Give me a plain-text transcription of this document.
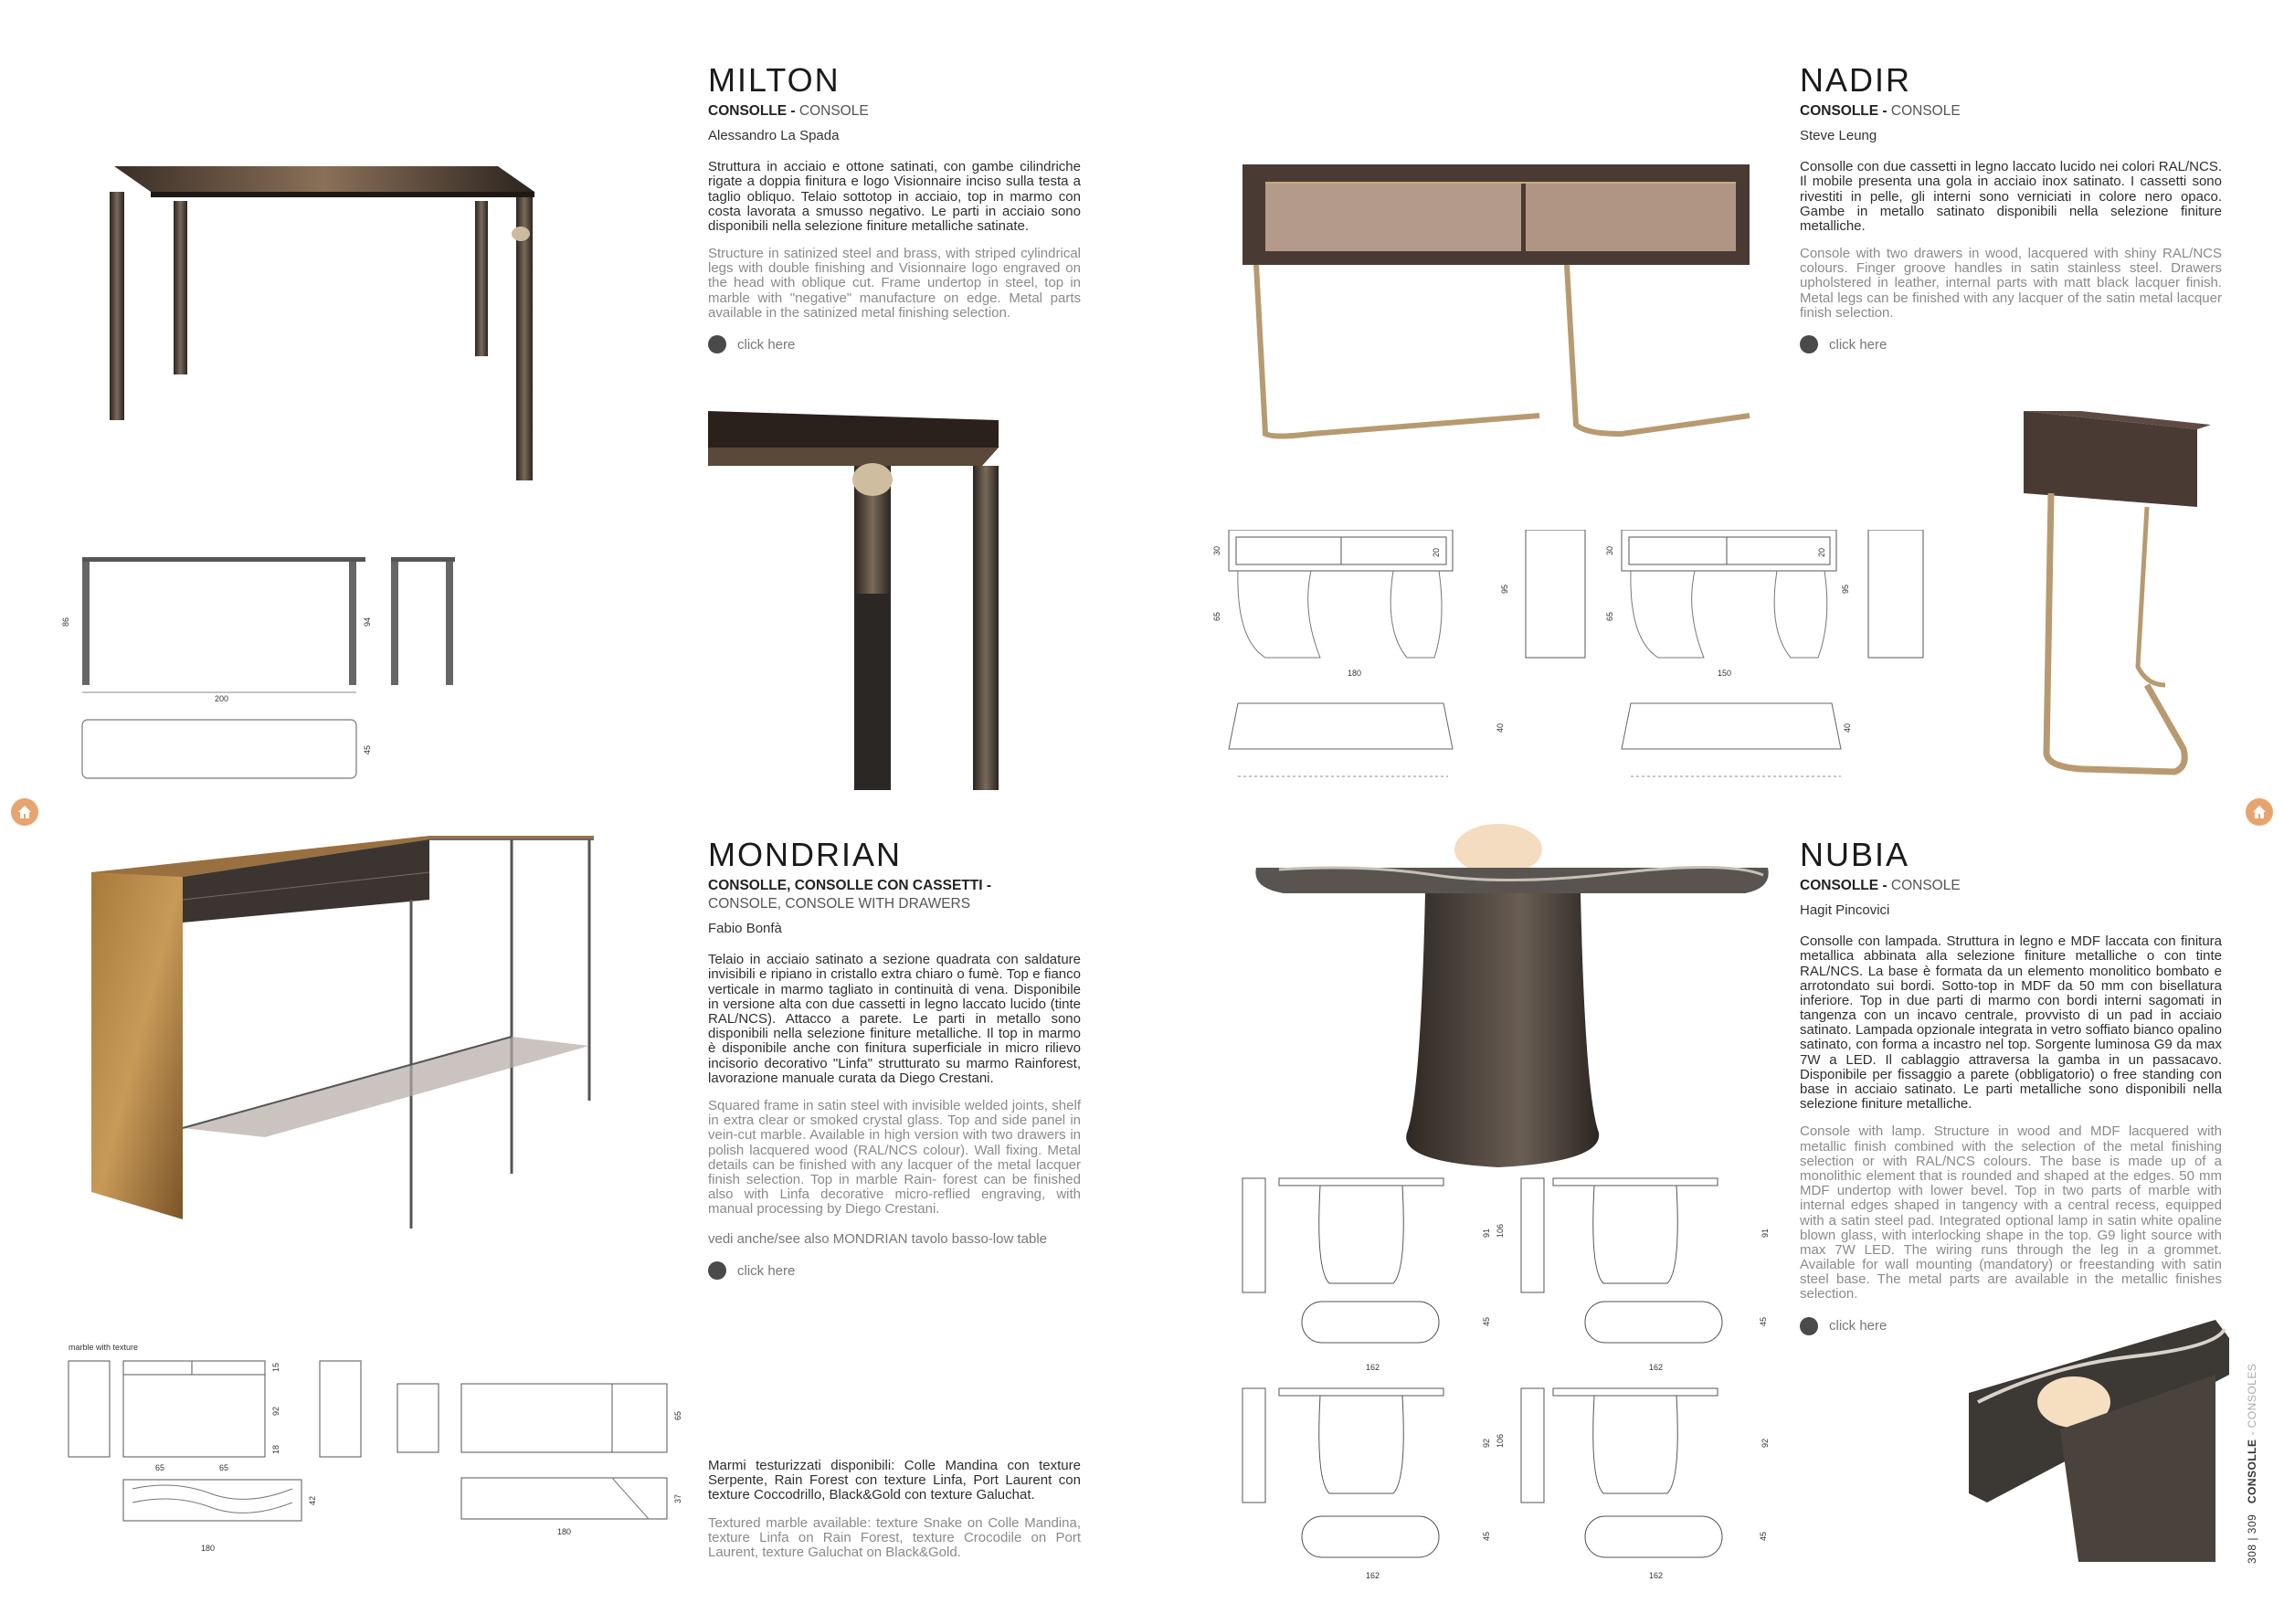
MILTON
CONSOLLE - CONSOLE
Alessandro La Spada
Struttura in acciaio e ottone satinati, con gambe cilindriche rigate a doppia finitura e logo Visionnaire inciso sulla testa a taglio obliquo. Telaio sottotop in acciaio, top in marmo con costa lavorata a smusso negativo. Le parti in acciaio sono disponibili nella selezione finiture metalliche satinate.
Structure in satinized steel and brass, with striped cylindrical legs with double finishing and Visionnaire logo engraved on the head with oblique cut. Frame undertop in steel, top in marble with "negative" manufacture on edge. Metal parts available in the satinized metal finishing selection.
click here
200
86	94
45
MONDRIAN
CONSOLLE, CONSOLLE CON CASSETTI -
CONSOLE, CONSOLE WITH DRAWERS
Fabio Bonfà
Telaio in acciaio satinato a sezione quadrata con saldature invisibili e ripiano in cristallo extra chiaro o fumè. Top e fianco verticale in marmo tagliato in continuità di vena. Disponibile in versione alta con due cassetti in legno laccato lucido (tinte RAL/NCS). Attacco a parete. Le parti in metallo sono disponibili nella selezione finiture metalliche. Il top in marmo è disponibile anche con finitura superficiale in micro rilievo incisorio decorativo "Linfa" strutturato su marmo Rainforest, lavorazione manuale curata da Diego Crestani.
Squared frame in satin steel with invisible welded joints, shelf in extra clear or smoked crystal glass. Top and side panel in vein-cut marble. Available in high version with two drawers in polish lacquered wood (RAL/NCS colour). Wall fixing. Metal details can be finished with any lacquer of the metal lacquer finish selection. Top in marble Rain- forest can be finished also with Linfa decorative micro-reflied engraving, with manual processing by Diego Crestani.
vedi anche/see also MONDRIAN tavolo basso-low table
click here
Marmi testurizzati disponibili: Colle Mandina con texture Serpente, Rain Forest con texture Linfa, Port Laurent con texture Coccodrillo, Black&Gold con texture Galuchat.
Textured marble available: texture Snake on Colle Mandina, texture Linfa on Rain Forest, texture Crocodile on Port Laurent, texture Galuchat on Black&Gold.
marble with texture
65	65
15
92
18
42
180
65
37
180
NADIR
CONSOLLE - CONSOLE
Steve Leung
Consolle con due cassetti in legno laccato lucido nei colori RAL/NCS. Il mobile presenta una gola in acciaio inox satinato. I cassetti sono rivestiti in pelle, gli interni sono verniciati in colore nero opaco. Gambe in metallo satinato disponibili nella selezione finiture metalliche.
Console with two drawers in wood, lacquered with shiny RAL/NCS colours. Finger groove handles in satin stainless steel. Drawers upholstered in leather, internal parts with matt black lacquer finish. Metal legs can be finished with any lacquer of the satin metal lacquer finish selection.
click here
30
65
20
95
180
30
65
20
95
150
40	40
NUBIA
CONSOLLE - CONSOLE
Hagit Pincovici
Consolle con lampada. Struttura in legno e MDF laccata con finitura metallica abbinata alla selezione finiture metalliche o con tinte RAL/NCS. La base è formata da un elemento monolitico bombato e arrotondato sui bordi. Sotto-top in MDF da 50 mm con bisellatura inferiore. Top in due parti di marmo con bordi interni sagomati in tangenza con un incavo centrale, provvisto di un pad in acciaio satinato. Lampada opzionale integrata in vetro soffiato bianco opalino satinato, con forma a incastro nel top. Sorgente luminosa G9 da max 7W a LED. Il cablaggio attraversa la gamba in un passacavo. Disponibile per fissaggio a parete (obbligatorio) o free standing con base in acciaio satinato. Le parti metalliche sono disponibili nella selezione finiture metalliche.
Console with lamp. Structure in wood and MDF lacquered with metallic finish combined with the selection of the metal finishing selection or with RAL/NCS colours. The base is made up of a monolithic element that is rounded and shaped at the edges. 50 mm MDF undertop with lower bevel. Top in two parts of marble with internal edges shaped in tangency with a central recess, equipped with a satin steel pad. Integrated optional lamp in satin white opaline blown glass, with interlocking shape in the top. G9 light source with max 7W LED. The wiring runs through the leg in a grommet. Available for wall mounting (mandatory) or freestanding with satin steel base. The metal parts are available in the metallic finishes selection.
click here
91 106	91
45
162
45
162
92 106	92
45
162
45
162
308 | 309   CONSOLLE - CONSOLES
